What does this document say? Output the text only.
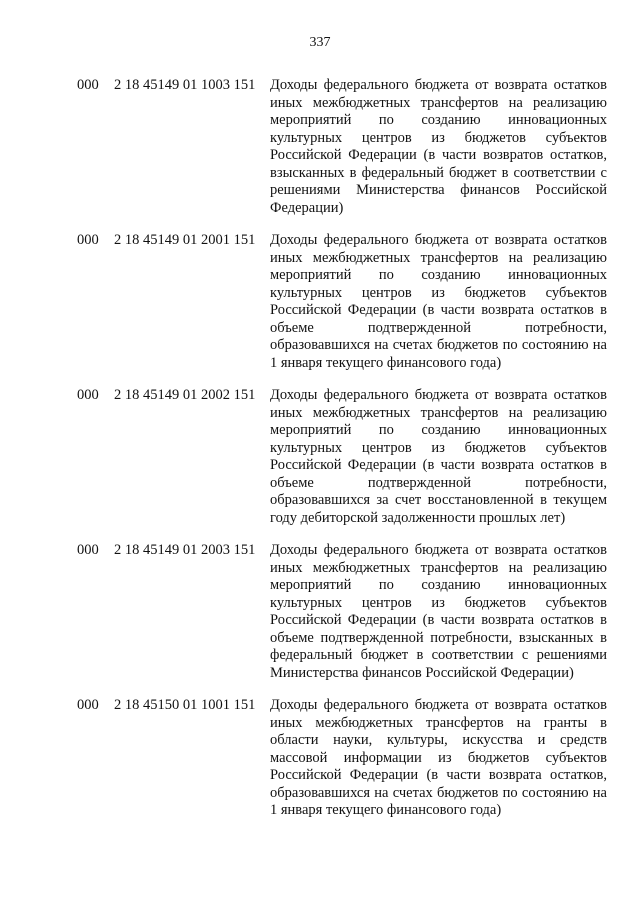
337
000 2 18 45149 01 1003 151 Доходы федерального бюджета от возврата остатков иных межбюджетных трансфертов на реализацию мероприятий по созданию инновационных культурных центров из бюджетов субъектов Российской Федерации (в части возвратов остатков, взысканных в федеральный бюджет в соответствии с решениями Министерства финансов Российской Федерации)
000 2 18 45149 01 2001 151 Доходы федерального бюджета от возврата остатков иных межбюджетных трансфертов на реализацию мероприятий по созданию инновационных культурных центров из бюджетов субъектов Российской Федерации (в части возврата остатков в объеме подтвержденной потребности, образовавшихся на счетах бюджетов по состоянию на 1 января текущего финансового года)
000 2 18 45149 01 2002 151 Доходы федерального бюджета от возврата остатков иных межбюджетных трансфертов на реализацию мероприятий по созданию инновационных культурных центров из бюджетов субъектов Российской Федерации (в части возврата остатков в объеме подтвержденной потребности, образовавшихся за счет восстановленной в текущем году дебиторской задолженности прошлых лет)
000 2 18 45149 01 2003 151 Доходы федерального бюджета от возврата остатков иных межбюджетных трансфертов на реализацию мероприятий по созданию инновационных культурных центров из бюджетов субъектов Российской Федерации (в части возврата остатков в объеме подтвержденной потребности, взысканных в федеральный бюджет в соответствии с решениями Министерства финансов Российской Федерации)
000 2 18 45150 01 1001 151 Доходы федерального бюджета от возврата остатков иных межбюджетных трансфертов на гранты в области науки, культуры, искусства и средств массовой информации из бюджетов субъектов Российской Федерации (в части возврата остатков, образовавшихся на счетах бюджетов по состоянию на 1 января текущего финансового года)
